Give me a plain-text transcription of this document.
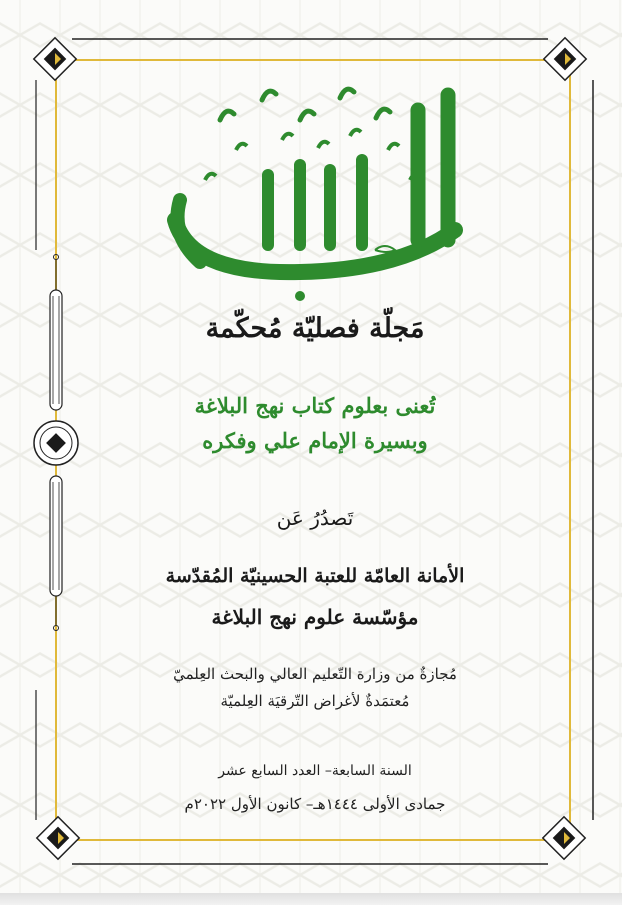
مَجلّة فصليّة مُحكّمة
تُعنى بعلوم كتاب نهج البلاغة
وبسيرة الإمام علي وفكره
تَصدُرُ عَن
الأمانة العامّة للعتبة الحسينيّة المُقدّسة
مؤسّسة علوم نهج البلاغة
مُجازةٌ من وزارة التّعليم العالي والبحث العِلميّ
مُعتمَدةٌ لأغراض التّرقيَة العِلميّة
السنة السابعة– العدد السابع عشر
جمادى الأولى ١٤٤٤هـ– كانون الأول ٢٠٢٢م
